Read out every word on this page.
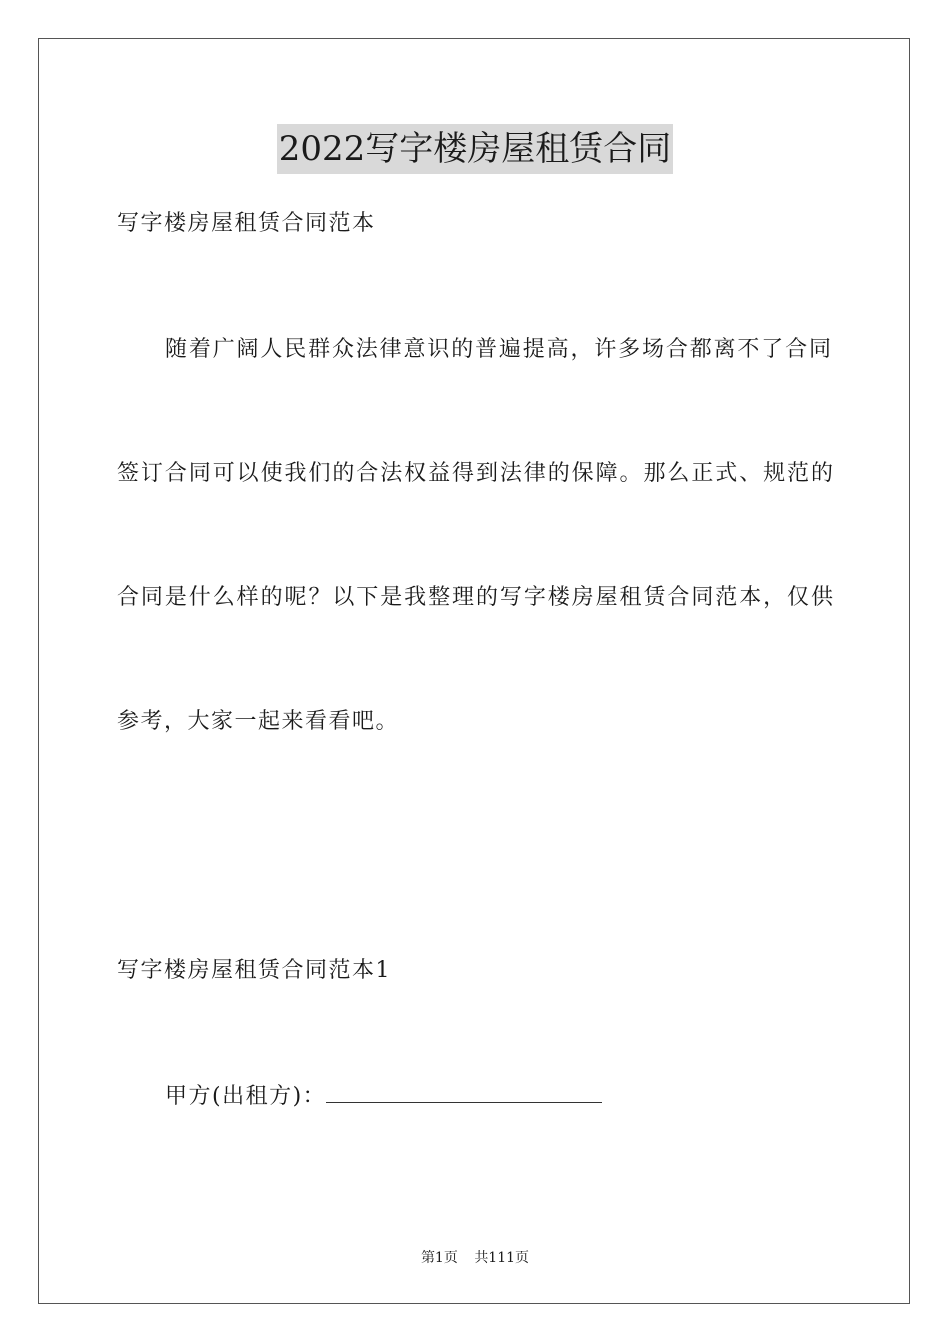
2022写字楼房屋租赁合同
写字楼房屋租赁合同范本
随着广阔人民群众法律意识的普遍提高，许多场合都离不了合同
签订合同可以使我们的合法权益得到法律的保障。那么正式、规范的
合同是什么样的呢？以下是我整理的写字楼房屋租赁合同范本，仅供
参考，大家一起来看看吧。
写字楼房屋租赁合同范本1
甲方(出租方)：
第1页 共111页
